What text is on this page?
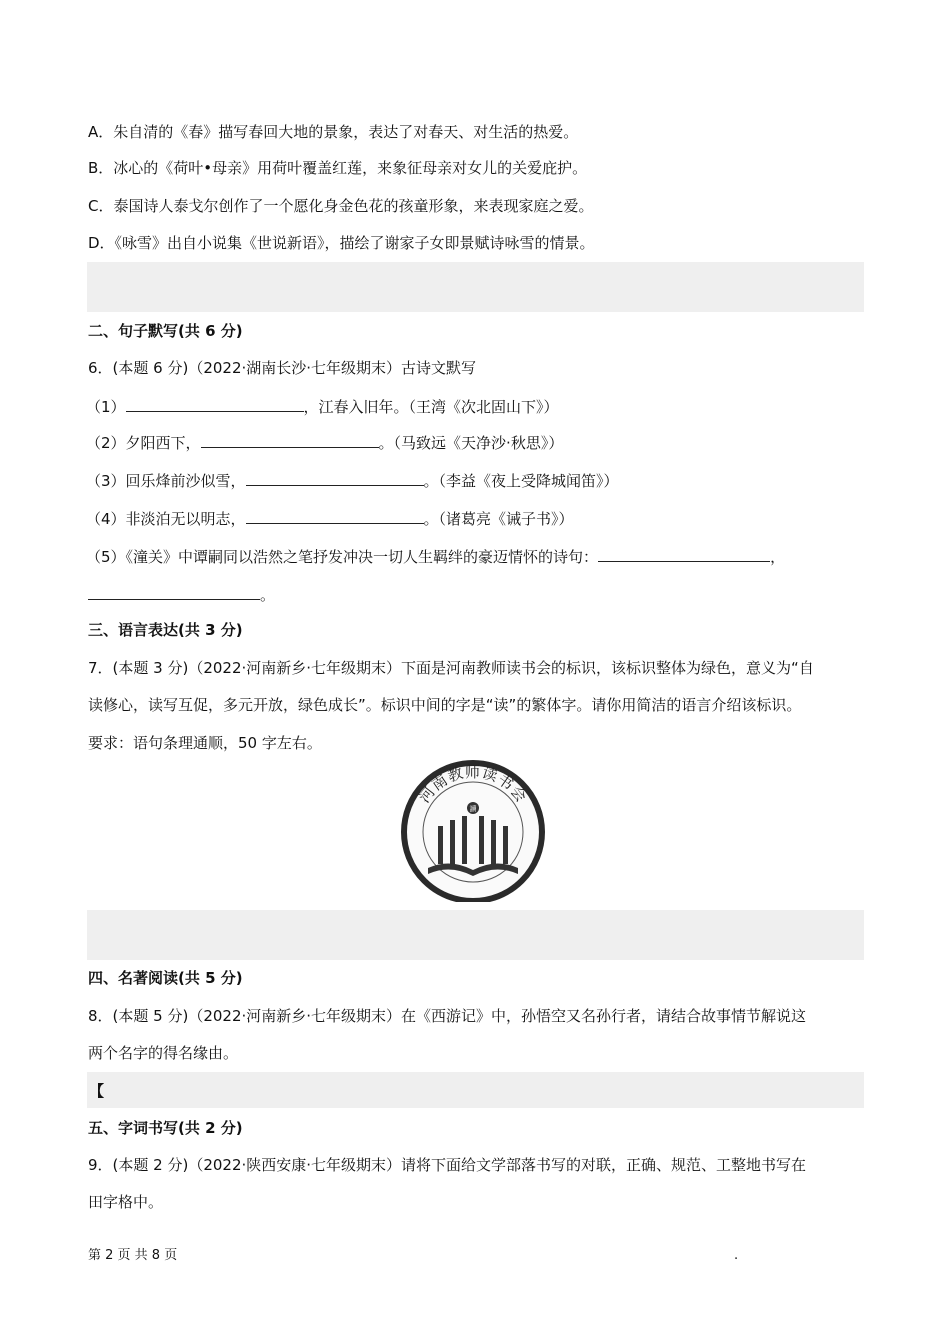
A．朱自清的《春》描写春回大地的景象，表达了对春天、对生活的热爱。
B．冰心的《荷叶•母亲》用荷叶覆盖红莲，来象征母亲对女儿的关爱庇护。
C．泰国诗人泰戈尔创作了一个愿化身金色花的孩童形象，来表现家庭之爱。
D．《咏雪》出自小说集《世说新语》，描绘了谢家子女即景赋诗咏雪的情景。
二、句子默写(共 6 分)
6．(本题 6 分)（2022·湖南长沙·七年级期末）古诗文默写
（1）	，江春入旧年。（王湾《次北固山下》）
（2）夕阳西下，	。（马致远《天净沙·秋思》）
（3）回乐烽前沙似雪，	。（李益《夜上受降城闻笛》）
（4）非淡泊无以明志，	。（诸葛亮《诫子书》）
（5）《潼关》中谭嗣同以浩然之笔抒发冲决一切人生羁绊的豪迈情怀的诗句：	，
。
三、语言表达(共 3 分)
7．(本题 3 分)（2022·河南新乡·七年级期末）下面是河南教师读书会的标识，该标识整体为绿色，意义为“自
读修心，读写互促，多元开放，绿色成长”。标识中间的字是“读”的繁体字。请你用简洁的语言介绍该标识。
要求：语句条理通顺，50 字左右。
河南教师读书会
讀
四、名著阅读(共 5 分)
8．(本题 5 分)（2022·河南新乡·七年级期末）在《西游记》中，孙悟空又名孙行者，请结合故事情节解说这
两个名字的得名缘由。
【
五、字词书写(共 2 分)
9．(本题 2 分)（2022·陕西安康·七年级期末）请将下面给文学部落书写的对联，正确、规范、工整地书写在
田字格中。
第 2 页 共 8 页	.
